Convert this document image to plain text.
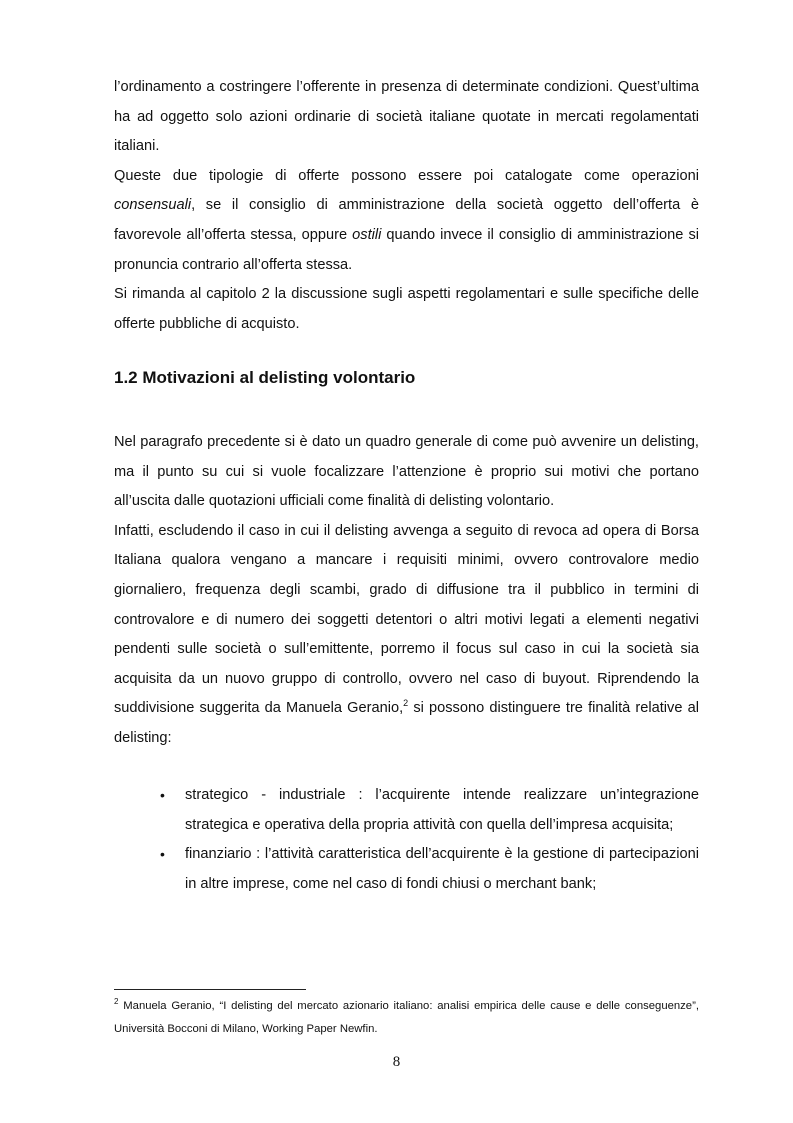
l’ordinamento a costringere l’offerente in presenza di determinate condizioni. Quest’ultima ha ad oggetto solo azioni ordinarie di società italiane quotate in mercati regolamentati italiani.

Queste due tipologie di offerte possono essere poi catalogate come operazioni consensuali, se il consiglio di amministrazione della società oggetto dell’offerta è favorevole all’offerta stessa, oppure ostili quando invece il consiglio di amministrazione si pronuncia contrario all’offerta stessa.

Si rimanda al capitolo 2 la discussione sugli aspetti regolamentari e sulle specifiche delle offerte pubbliche di acquisto.

1.2 Motivazioni al delisting volontario

Nel paragrafo precedente si è dato un quadro generale di come può avvenire un delisting, ma il punto su cui si vuole focalizzare l’attenzione è proprio sui motivi che portano all’uscita dalle quotazioni ufficiali come finalità di delisting volontario.

Infatti, escludendo il caso in cui il delisting avvenga a seguito di revoca ad opera di Borsa Italiana qualora vengano a mancare i requisiti minimi, ovvero controvalore medio giornaliero, frequenza degli scambi, grado di diffusione tra il pubblico in termini di controvalore e di numero dei soggetti detentori o altri motivi legati a elementi negativi pendenti sulle società o sull’emittente, porremo il focus sul caso in cui la società sia acquisita da un nuovo gruppo di controllo, ovvero nel caso di buyout. Riprendendo la suddivisione suggerita da Manuela Geranio,$^2$ si possono distinguere tre finalità relative al delisting:

• strategico - industriale : l’acquirente intende realizzare un’integrazione strategica e operativa della propria attività con quella dell’impresa acquisita;
• finanziario : l’attività caratteristica dell’acquirente è la gestione di partecipazioni in altre imprese, come nel caso di fondi chiusi o merchant bank;

$^2$ Manuela Geranio, “I delisting del mercato azionario italiano: analisi empirica delle cause e delle conseguenze”, Università Bocconi di Milano, Working Paper Newfin.

8
